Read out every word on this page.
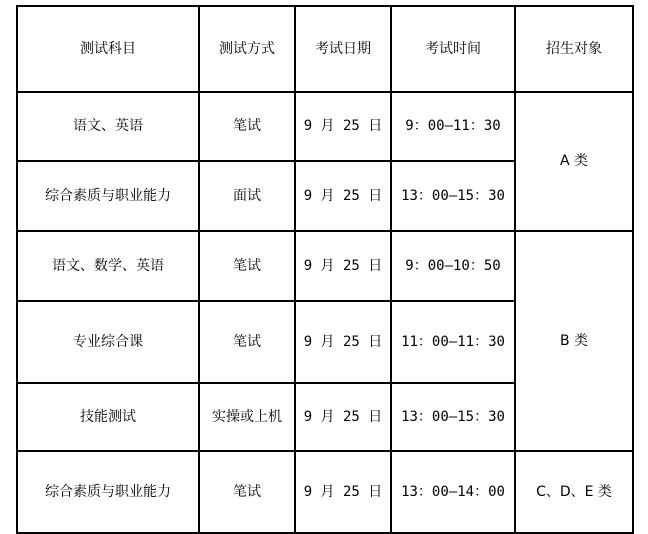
测试科目	测试方式	考试日期	考试时间	招生对象
语文、英语	笔试	9 月 25 日	9：00—11：30	A 类
综合素质与职业能力	面试	9 月 25 日	13：00—15：30	
语文、数学、英语	笔试	9 月 25 日	9：00—10：50	B 类
专业综合课	笔试	9 月 25 日	11：00—11：30	
技能测试	实操或上机	9 月 25 日	13：00—15：30	
综合素质与职业能力	笔试	9 月 25 日	13：00—14：00	C、D、E 类
